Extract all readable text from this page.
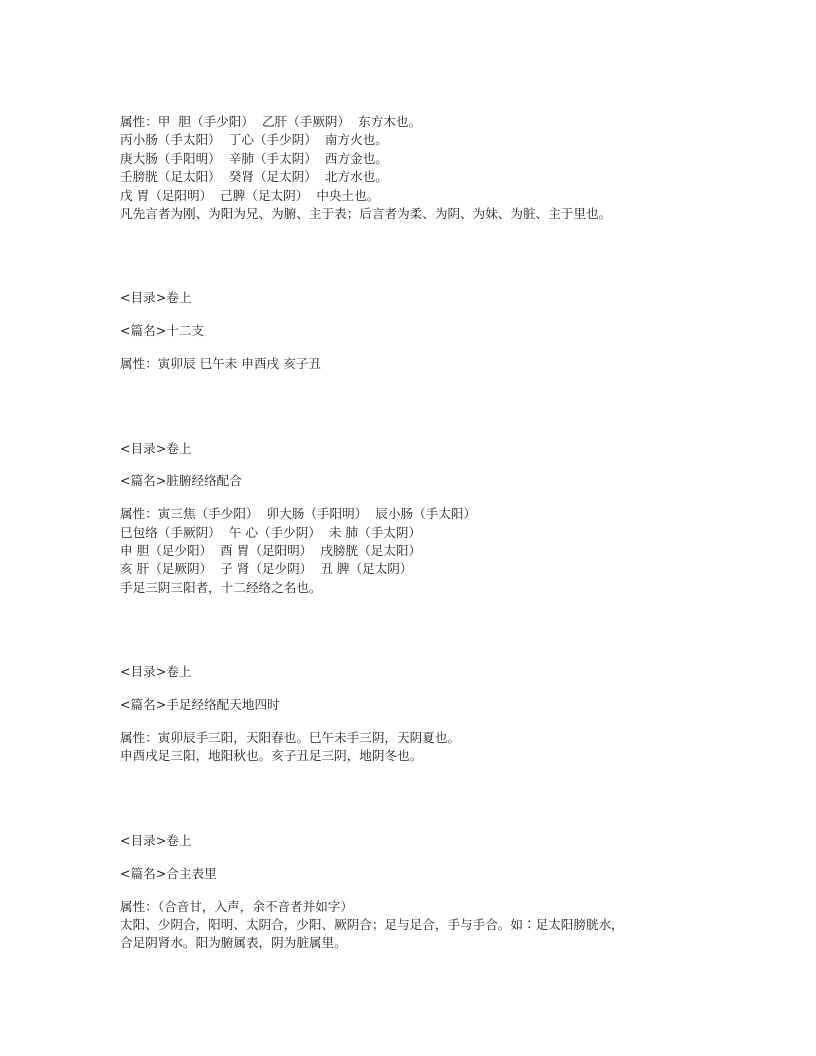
属性：甲  胆（手少阳）  乙肝（手厥阴）  东方木也。
丙小肠（手太阳）  丁心（手少阴）  南方火也。
庚大肠（手阳明）  辛肺（手太阴）  西方金也。
壬膀胱（足太阳）  癸肾（足太阴）  北方水也。
戊 胃（足阳明）  己脾（足太阴）  中央土也。
凡先言者为刚、为阳为兄、为腑、主于表；后言者为柔、为阴、为妹、为脏、主于里也。
<目录>卷上
<篇名>十二支
属性：寅卯辰 巳午未 申酉戌 亥子丑
<目录>卷上
<篇名>脏腑经络配合
属性：寅三焦（手少阳）  卯大肠（手阳明）  辰小肠（手太阳）
巳包络（手厥阴）  午 心（手少阴）  未 肺（手太阴）
申 胆（足少阳）  酉 胃（足阳明）  戌膀胱（足太阳）
亥 肝（足厥阴）  子 肾（足少阴）  丑 脾（足太阴）
手足三阴三阳者，十二经络之名也。
<目录>卷上
<篇名>手足经络配天地四时
属性：寅卯辰手三阳，天阳春也。巳午未手三阴，天阴夏也。
申酉戌足三阳，地阳秋也。亥子丑足三阴，地阴冬也。
<目录>卷上
<篇名>合主表里
属性：（合音甘，入声，余不音者并如字）
太阳、少阴合，阳明、太阴合，少阳、厥阴合；足与足合，手与手合。如∶足太阳膀胱水，
合足阴肾水。阳为腑属表，阴为脏属里。
